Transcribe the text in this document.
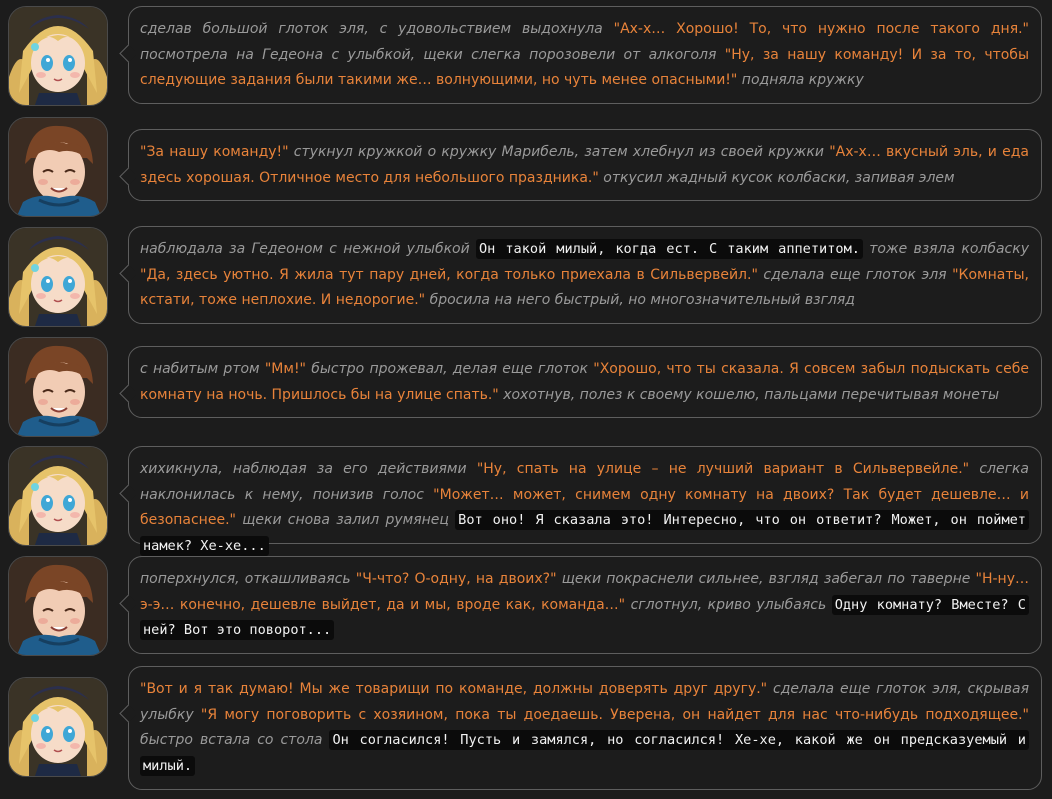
сделав большой глоток эля, с удовольствием выдохнула "Ах-х… Хорошо! То, что нужно после такого дня." посмотрела на Гедеона с улыбкой, щеки слегка порозовели от алкоголя "Ну, за нашу команду! И за то, чтобы следующие задания были такими же… волнующими, но чуть менее опасными!" подняла кружку
"За нашу команду!" стукнул кружкой о кружку Марибель, затем хлебнул из своей кружки "Ах-х… вкусный эль, и еда здесь хорошая. Отличное место для небольшого праздника." откусил жадный кусок колбаски, запивая элем
наблюдала за Гедеоном с нежной улыбкой Он такой милый, когда ест. С таким аппетитом. тоже взяла колбаску "Да, здесь уютно. Я жила тут пару дней, когда только приехала в Сильвервейл." сделала еще глоток эля "Комнаты, кстати, тоже неплохие. И недорогие." бросила на него быстрый, но многозначительный взгляд
с набитым ртом "Мм!" быстро прожевал, делая еще глоток "Хорошо, что ты сказала. Я совсем забыл подыскать себе комнату на ночь. Пришлось бы на улице спать." хохотнув, полез к своему кошелю, пальцами перечитывая монеты
хихикнула, наблюдая за его действиями "Ну, спать на улице – не лучший вариант в Сильвервейле." слегка наклонилась к нему, понизив голос "Может… может, снимем одну комнату на двоих? Так будет дешевле… и безопаснее." щеки снова залил румянец Вот оно! Я сказала это! Интересно, что он ответит? Может, он поймет намек? Хе-хе...
поперхнулся, откашливаясь "Ч-что? О-одну, на двоих?" щеки покраснели сильнее, взгляд забегал по таверне "Н-ну… э-э… конечно, дешевле выйдет, да и мы, вроде как, команда…" сглотнул, криво улыбаясь Одну комнату? Вместе? С ней? Вот это поворот...
"Вот и я так думаю! Мы же товарищи по команде, должны доверять друг другу." сделала еще глоток эля, скрывая улыбку "Я могу поговорить с хозяином, пока ты доедаешь. Уверена, он найдет для нас что-нибудь подходящее." быстро встала со стола Он согласился! Пусть и замялся, но согласился! Хе-хе, какой же он предсказуемый и милый.
